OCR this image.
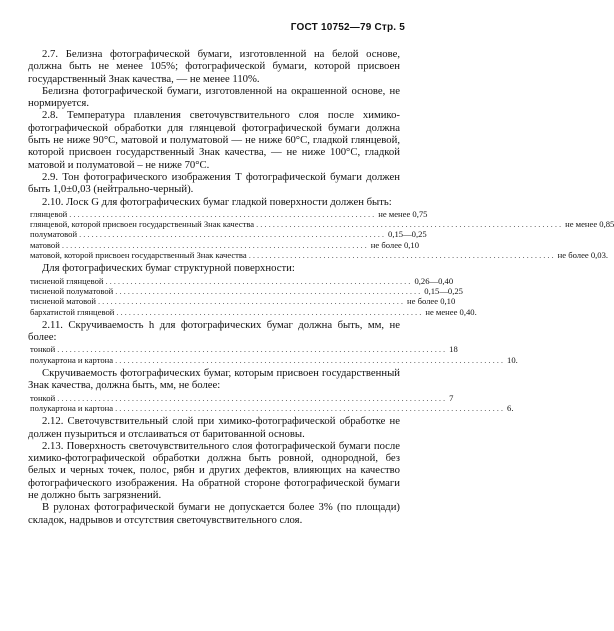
ГОСТ 10752—79 Стр. 5

2.7. Белизна фотографической бумаги, изготовленной на белой основе, должна быть не менее 105%; фотографической бумаги, которой присвоен государственный Знак качества, — не менее 110%.

Белизна фотографической бумаги, изготовленной на окрашенной основе, не нормируется.

2.8. Температура плавления светочувствительного слоя после химико-фотографической обработки для глянцевой фотографической бумаги должна быть не ниже 90°С, матовой и полуматовой — не ниже 60°С, гладкой глянцевой, которой присвоен государственный Знак качества, — не ниже 100°С, гладкой матовой и полуматовой – не ниже 70°С.

2.9. Тон фотографического изображения T фотографической бумаги должен быть 1,0±0,03 (нейтрально-черный).

2.10. Лоск G для фотографических бумаг гладкой поверхности должен быть:

глянцевой .......................................................................... не менее 0,75
глянцевой, которой присвоен государственный Знак качества .......................................................................... не менее 0,85
полуматовой .......................................................................... 0,15—0,25
матовой .......................................................................... не более 0,10
матовой, которой присвоен государственный Знак качества .......................................................................... не более 0,03.

Для фотографических бумаг структурной поверхности:

тисненой глянцевой .......................................................................... 0,26—0,40
тисненой полуматовой .......................................................................... 0,15—0,25
тисненой матовой .......................................................................... не более 0,10
бархатистой глянцевой .......................................................................... не менее 0,40.

2.11. Скручиваемость h для фотографических бумаг должна быть, мм, не более:

тонкой .............................................................................................. 18
полукартона и картона .............................................................................................. 10.

Скручиваемость фотографических бумаг, которым присвоен государственный Знак качества, должна быть, мм, не более:

тонкой .............................................................................................. 7
полукартона и картона .............................................................................................. 6.

2.12. Светочувствительный слой при химико-фотографической обработке не должен пузыриться и отслаиваться от баритованной основы.

2.13. Поверхность светочувствительного слоя фотографической бумаги после химико-фотографической обработки должна быть ровной, однородной, без белых и черных точек, полос, рябн и других дефектов, влияющих на качество фотографического изображения. На обратной стороне фотографической бумаги не должно быть загрязнений.

В рулонах фотографической бумаги не допускается более 3% (по площади) складок, надрывов и отсутствия светочувствительного слоя.
